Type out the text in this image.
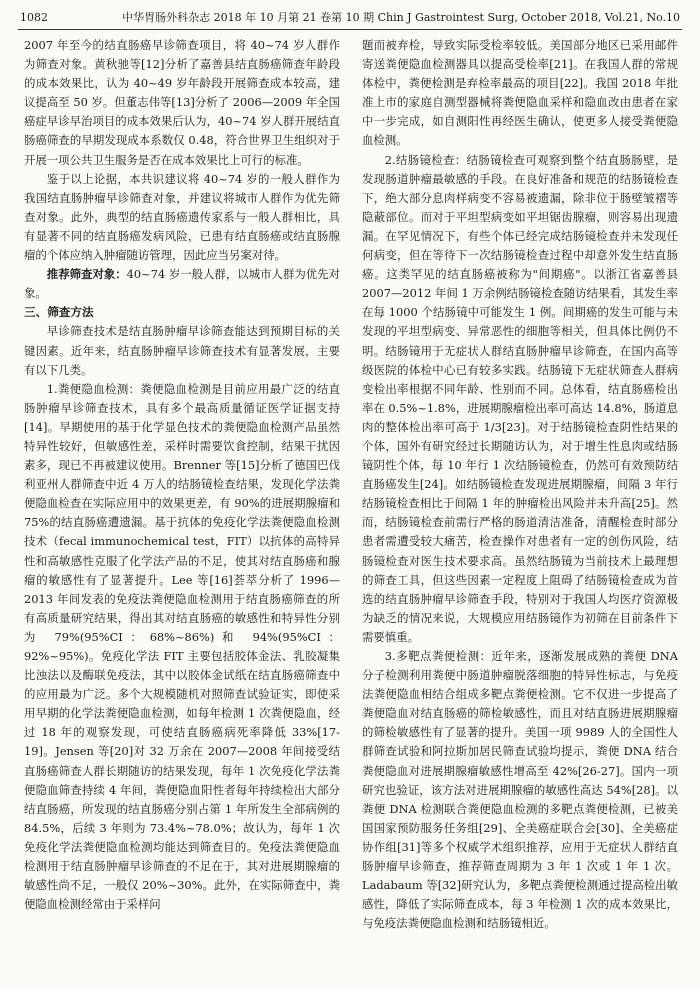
1082	中华胃肠外科杂志 2018 年 10 月第 21 卷第 10 期 Chin J Gastrointest Surg, October 2018, Vol.21, No.10

2007 年至今的结直肠癌早诊筛查项目，将 40~74 岁人群作为筛查对象。黄秋驰等[12]分析了嘉善县结直肠癌筛查年龄段的成本效果比，认为 40~49 岁年龄段开展筛查成本较高，建议提高至 50 岁。但董志伟等[13]分析了 2006—2009 年全国癌症早诊早治项目的成本效果后认为，40~74 岁人群开展结直肠癌筛查的早期发现成本系数仅 0.48，符合世界卫生组织对于开展一项公共卫生服务是否在成本效果比上可行的标准。

鉴于以上论据，本共识建议将 40~74 岁的一般人群作为我国结直肠肿瘤早诊筛查对象，并建议将城市人群作为优先筛查对象。此外，典型的结直肠癌遗传家系与一般人群相比，具有显著不同的结直肠癌发病风险，已患有结直肠癌或结直肠腺瘤的个体应纳入肿瘤随访管理，因此应当另案对待。

推荐筛查对象：40~74 岁一般人群，以城市人群为优先对象。

三、筛查方法

早诊筛查技术是结直肠肿瘤早诊筛查能达到预期目标的关键因素。近年来，结直肠肿瘤早诊筛查技术有显著发展，主要有以下几类。

1.粪便隐血检测：粪便隐血检测是目前应用最广泛的结直肠肿瘤早诊筛查技术，具有多个最高质量循证医学证据支持[14]。早期使用的基于化学显色技术的粪便隐血检测产品虽然特异性较好，但敏感性差，采样时需要饮食控制，结果干扰因素多，现已不再被建议使用。Brenner 等[15]分析了德国巴伐利亚州人群筛查中近 4 万人的结肠镜检查结果，发现化学法粪便隐血检查在实际应用中的效果更差，有 90%的进展期腺瘤和 75%的结直肠癌遭遗漏。基于抗体的免疫化学法粪便隐血检测技术（fecal immunochemical test，FIT）以抗体的高特异性和高敏感性克服了化学法产品的不足，使其对结直肠癌和腺瘤的敏感性有了显著提升。Lee 等[16]荟萃分析了 1996—2013 年间发表的免疫法粪便隐血检测用于结直肠癌筛查的所有高质量研究结果，得出其对结直肠癌的敏感性和特异性分别为 79%(95%CI：68%~86%)和 94%(95%CI：92%~95%)。免疫化学法 FIT 主要包括胶体金法、乳胶凝集比浊法以及酶联免疫法，其中以胶体金试纸在结直肠癌筛查中的应用最为广泛。多个大规模随机对照筛查试验证实，即使采用早期的化学法粪便隐血检测，如每年检测 1 次粪便隐血，经过 18 年的观察发现，可使结直肠癌病死率降低 33%[17-19]。Jensen 等[20]对 32 万余在 2007—2008 年间接受结直肠癌筛查人群长期随访的结果发现，每年 1 次免疫化学法粪便隐血筛查持续 4 年间，粪便隐血阳性者每年持续检出大部分结直肠癌，所发现的结直肠癌分别占第 1 年所发生全部病例的 84.5%，后续 3 年则为 73.4%~78.0%；故认为，每年 1 次免疫化学法粪便隐血检测均能达到筛查目的。免疫法粪便隐血检测用于结直肠肿瘤早诊筛查的不足在于，其对进展期腺瘤的敏感性尚不足，一般仅 20%~30%。此外，在实际筛查中，粪便隐血检测经常由于采样问

题而被弃检，导致实际受检率较低。美国部分地区已采用邮件寄送粪便隐血检测器具以提高受检率[21]。在我国人群的常规体检中，粪便检测是弃检率最高的项目[22]。我国 2018 年批准上市的家庭自测型器械将粪便隐血采样和隐血改由患者在家中一步完成，如自测阳性再经医生确认，使更多人接受粪便隐血检测。

2.结肠镜检查：结肠镜检查可观察到整个结直肠肠壁，是发现肠道肿瘤最敏感的手段。在良好准备和规范的结肠镜检查下，绝大部分息肉样病变不容易被遗漏，除非位于肠壁皱褶等隐蔽部位。而对于平坦型病变如平坦锯齿腺瘤，则容易出现遗漏。在罕见情况下，有些个体已经完成结肠镜检查并未发现任何病变，但在等待下一次结肠镜检查过程中却意外发生结直肠癌。这类罕见的结直肠癌被称为"间期癌"。以浙江省嘉善县 2007—2012 年间 1 万余例结肠镜检查随访结果看，其发生率在每 1000 个结肠镜中可能发生 1 例。间期癌的发生可能与未发现的平坦型病变、异常恶性的细胞等相关，但具体比例仍不明。结肠镜用于无症状人群结直肠肿瘤早诊筛查，在国内高等级医院的体检中心已有较多实践。结肠镜下无症状筛查人群病变检出率根据不同年龄、性别而不同。总体看，结直肠癌检出率在 0.5%~1.8%，进展期腺瘤检出率可高达 14.8%，肠道息肉的整体检出率可高于 1/3[23]。对于结肠镜检查阴性结果的个体，国外有研究经过长期随访认为，对于增生性息肉或结肠镜阴性个体，每 10 年行 1 次结肠镜检查，仍然可有效预防结直肠癌发生[24]。如结肠镜检查发现进展期腺瘤，间隔 3 年行结肠镜检查相比于间隔 1 年的肿瘤检出风险并未升高[25]。然而，结肠镜检查前需行严格的肠道清洁准备，清醒检查时部分患者需遭受较大痛苦，检查操作对患者有一定的创伤风险，结肠镜检查对医生技术要求高。虽然结肠镜为当前技术上最理想的筛查工具，但这些因素一定程度上阻碍了结肠镜检查成为首选的结直肠肿瘤早诊筛查手段，特别对于我国人均医疗资源极为缺乏的情况来说，大规模应用结肠镜作为初筛在目前条件下需要慎重。

3.多靶点粪便检测：近年来，逐渐发展成熟的粪便 DNA 分子检测利用粪便中肠道肿瘤脱落细胞的特异性标志，与免疫法粪便隐血相结合组成多靶点粪便检测。它不仅进一步提高了粪便隐血对结直肠癌的筛检敏感性，而且对结直肠进展期腺瘤的筛检敏感性有了显著的提升。美国一项 9989 人的全国性人群筛查试验和阿拉斯加居民筛查试验均提示，粪便 DNA 结合粪便隐血对进展期腺瘤敏感性增高至 42%[26-27]。国内一项研究也验证，该方法对进展期腺瘤的敏感性高达 54%[28]。以粪便 DNA 检测联合粪便隐血检测的多靶点粪便检测，已被美国国家预防服务任务组[29]、全美癌症联合会[30]、全美癌症协作组[31]等多个权威学术组织推荐，应用于无症状人群结直肠肿瘤早诊筛查，推荐筛查周期为 3 年 1 次或 1 年 1 次。Ladabaum 等[32]研究认为，多靶点粪便检测通过提高检出敏感性，降低了实际筛查成本，每 3 年检测 1 次的成本效果比，与免疫法粪便隐血检测和结肠镜相近。
